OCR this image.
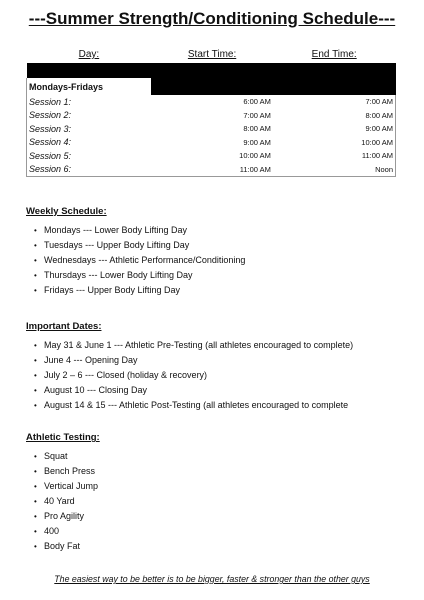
---Summer Strength/Conditioning Schedule---
Day:	Start Time:	End Time:

Mondays-Fridays		
Session 1:	6:00 AM	7:00 AM
Session 2:	7:00 AM	8:00 AM
Session 3:	8:00 AM	9:00 AM
Session 4:	9:00 AM	10:00 AM
Session 5:	10:00 AM	11:00 AM
Session 6:	11:00 AM	Noon
Weekly Schedule:
• Mondays --- Lower Body Lifting Day
• Tuesdays --- Upper Body Lifting Day
• Wednesdays --- Athletic Performance/Conditioning
• Thursdays --- Lower Body Lifting Day
• Fridays --- Upper Body Lifting Day
Important Dates:
• May 31 & June 1 --- Athletic Pre-Testing (all athletes encouraged to complete)
• June 4 --- Opening Day
• July 2 – 6 --- Closed (holiday & recovery)
• August 10 --- Closing Day
• August 14 & 15 --- Athletic Post-Testing (all athletes encouraged to complete
Athletic Testing:
• Squat
• Bench Press
• Vertical Jump
• 40 Yard
• Pro Agility
• 400
• Body Fat
The easiest way to be better is to be bigger, faster & stronger than the other guys
